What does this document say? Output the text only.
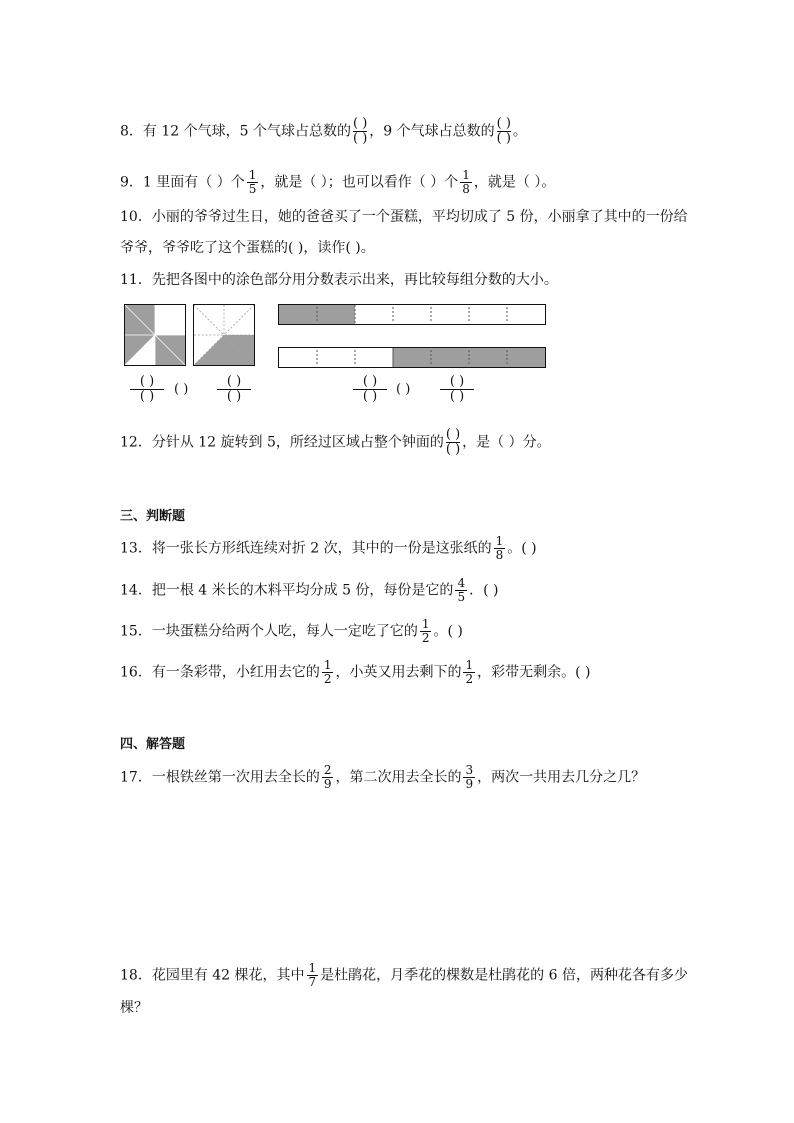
8．有 12 个气球，5 个气球占总数的 ( )
( ) ，9 个气球占总数的 ( )
( ) 。
9．1 里面有（ ）个 $\frac{1}{5}$ ，就是（ ）；也可以看作（ ）个 $\frac{1}{8}$ ，就是（ ）。
10．小丽的爷爷过生日，她的爸爸买了一个蛋糕，平均切成了 5 份，小丽拿了其中的一份给
爷爷，爷爷吃了这个蛋糕的( )，读作( )。
11．先把各图中的涂色部分用分数表示出来，再比较每组分数的大小。
( )
( ) ( )
( )
( )
( )
( ) ( )
( )
( )
12．分针从 12 旋转到 5，所经过区域占整个钟面的 ( )
( ) ，是（ ）分。
三、判断题
13．将一张长方形纸连续对折 2 次，其中的一份是这张纸的 $\frac{1}{8}$ 。( )
14．把一根 4 米长的木料平均分成 5 份，每份是它的 $\frac{4}{5}$ ．( )
15．一块蛋糕分给两个人吃，每人一定吃了它的 $\frac{1}{2}$ 。( )
16．有一条彩带，小红用去它的 $\frac{1}{2}$ ，小英又用去剩下的 $\frac{1}{2}$ ，彩带无剩余。( )
四、解答题
17．一根铁丝第一次用去全长的 $\frac{2}{9}$ ，第二次用去全长的 $\frac{3}{9}$ ，两次一共用去几分之几？
18．花园里有 42 棵花，其中 $\frac{1}{7}$ 是杜鹃花，月季花的棵数是杜鹃花的 6 倍，两种花各有多少
棵？
